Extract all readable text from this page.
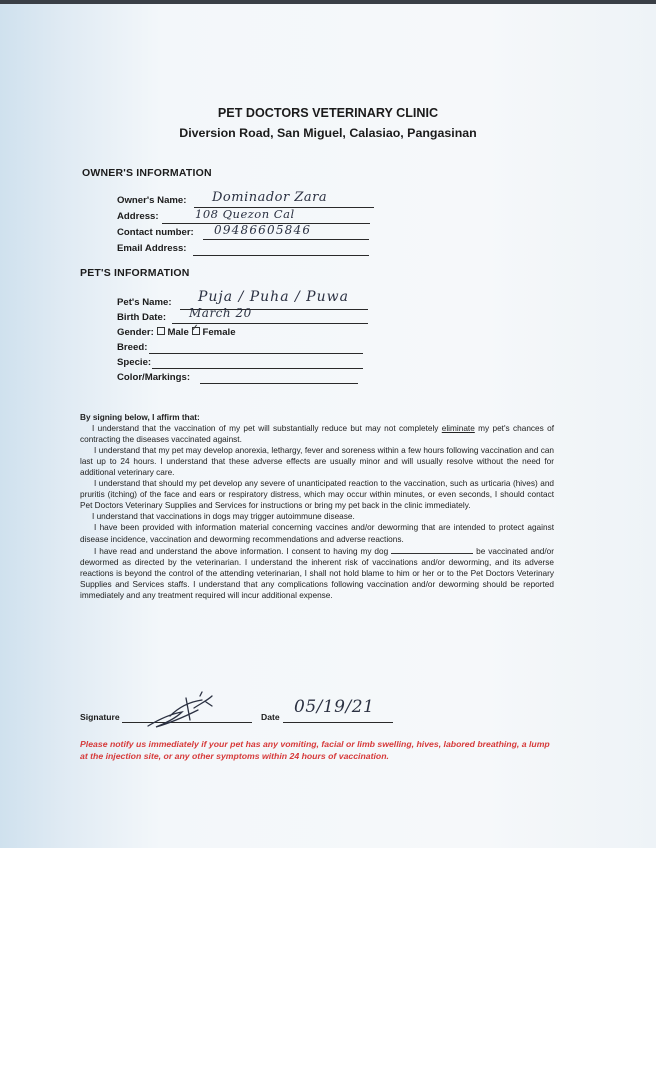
PET DOCTORS VETERINARY CLINIC
Diversion Road, San Miguel, Calasiao, Pangasinan
OWNER'S INFORMATION
Owner's Name: Dominador Zara
Address:	108 Quezon Cal
Contact number: 09486605846
Email Address:
PET'S INFORMATION
Pet's Name: Puja / Puha / Puwa
Birth Date: March 20
Gender: Male ✓ Female
Breed:
Specie:
Color/Markings:

By signing below, I affirm that:

I understand that the vaccination of my pet will substantially reduce but may not completely eliminate my pet's chances of contracting the diseases vaccinated against.

I understand that my pet may develop anorexia, lethargy, fever and soreness within a few hours following vaccination and can last up to 24 hours. I understand that these adverse effects are usually minor and will usually resolve without the need for additional veterinary care.

I understand that should my pet develop any severe of unanticipated reaction to the vaccination, such as urticaria (hives) and pruritis (itching) of the face and ears or respiratory distress, which may occur within minutes, or even seconds, I should contact Pet Doctors Veterinary Supplies and Services for instructions or bring my pet back in the clinic immediately.

I understand that vaccinations in dogs may trigger autoimmune disease.

I have been provided with information material concerning vaccines and/or deworming that are intended to protect against disease incidence, vaccination and deworming recommendations and adverse reactions.

I have read and understand the above information. I consent to having my dog	be vaccinated and/or dewormed as directed by the veterinarian. I understand the inherent risk of vaccinations and/or deworming, and its adverse reactions is beyond the control of the attending veterinarian, I shall not hold blame to him or her or to the Pet Doctors Veterinary Supplies and Services staffs. I understand that any complications following vaccination and/or deworming should be reported immediately and any treatment required will incur additional expense.

Signature	Date 05/19/21
Please notify us immediately if your pet has any vomiting, facial or limb swelling, hives, labored breathing, a lump at the injection site, or any other symptoms within 24 hours of vaccination.
